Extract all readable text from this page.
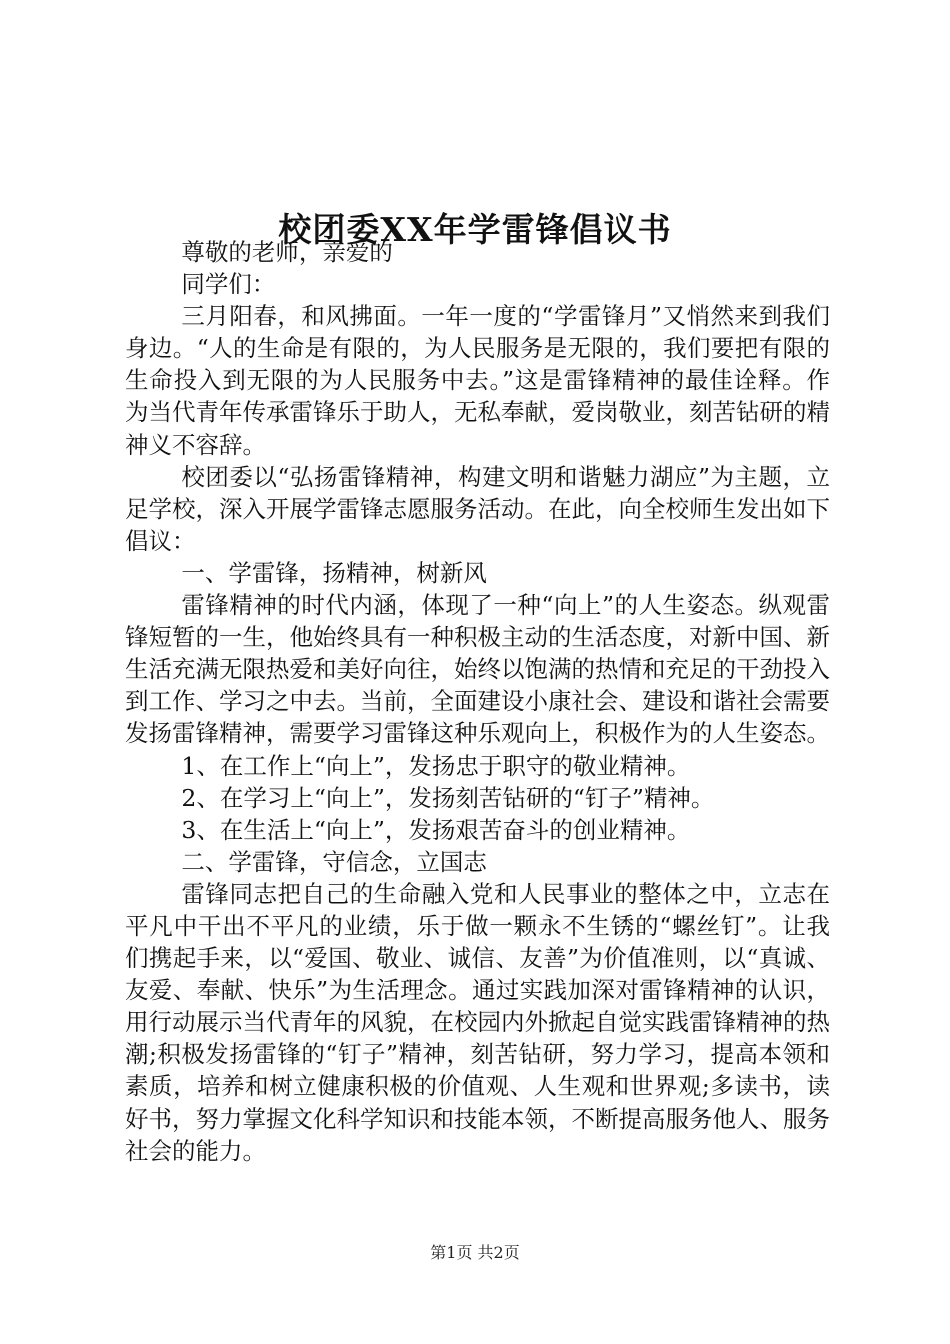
校团委XX年学雷锋倡议书

尊敬的老师，亲爱的

同学们：

三月阳春，和风拂面。一年一度的“学雷锋月”又悄然来到我们身边。“人的生命是有限的，为人民服务是无限的，我们要把有限的生命投入到无限的为人民服务中去。”这是雷锋精神的最佳诠释。作为当代青年传承雷锋乐于助人，无私奉献，爱岗敬业，刻苦钻研的精神义不容辞。

校团委以“弘扬雷锋精神，构建文明和谐魅力湖应”为主题，立足学校，深入开展学雷锋志愿服务活动。在此，向全校师生发出如下倡议：

一、学雷锋，扬精神，树新风

雷锋精神的时代内涵，体现了一种“向上”的人生姿态。纵观雷锋短暂的一生，他始终具有一种积极主动的生活态度，对新中国、新生活充满无限热爱和美好向往，始终以饱满的热情和充足的干劲投入到工作、学习之中去。当前，全面建设小康社会、建设和谐社会需要发扬雷锋精神，需要学习雷锋这种乐观向上，积极作为的人生姿态。

1、在工作上“向上”，发扬忠于职守的敬业精神。

2、在学习上“向上”，发扬刻苦钻研的“钉子”精神。

3、在生活上“向上”，发扬艰苦奋斗的创业精神。

二、学雷锋，守信念，立国志

雷锋同志把自己的生命融入党和人民事业的整体之中，立志在平凡中干出不平凡的业绩，乐于做一颗永不生锈的“螺丝钉”。让我们携起手来，以“爱国、敬业、诚信、友善”为价值准则，以“真诚、友爱、奉献、快乐”为生活理念。通过实践加深对雷锋精神的认识，用行动展示当代青年的风貌，在校园内外掀起自觉实践雷锋精神的热潮;积极发扬雷锋的“钉子”精神，刻苦钻研，努力学习，提高本领和素质，培养和树立健康积极的价值观、人生观和世界观;多读书，读好书，努力掌握文化科学知识和技能本领，不断提高服务他人、服务社会的能力。

第1页 共2页
